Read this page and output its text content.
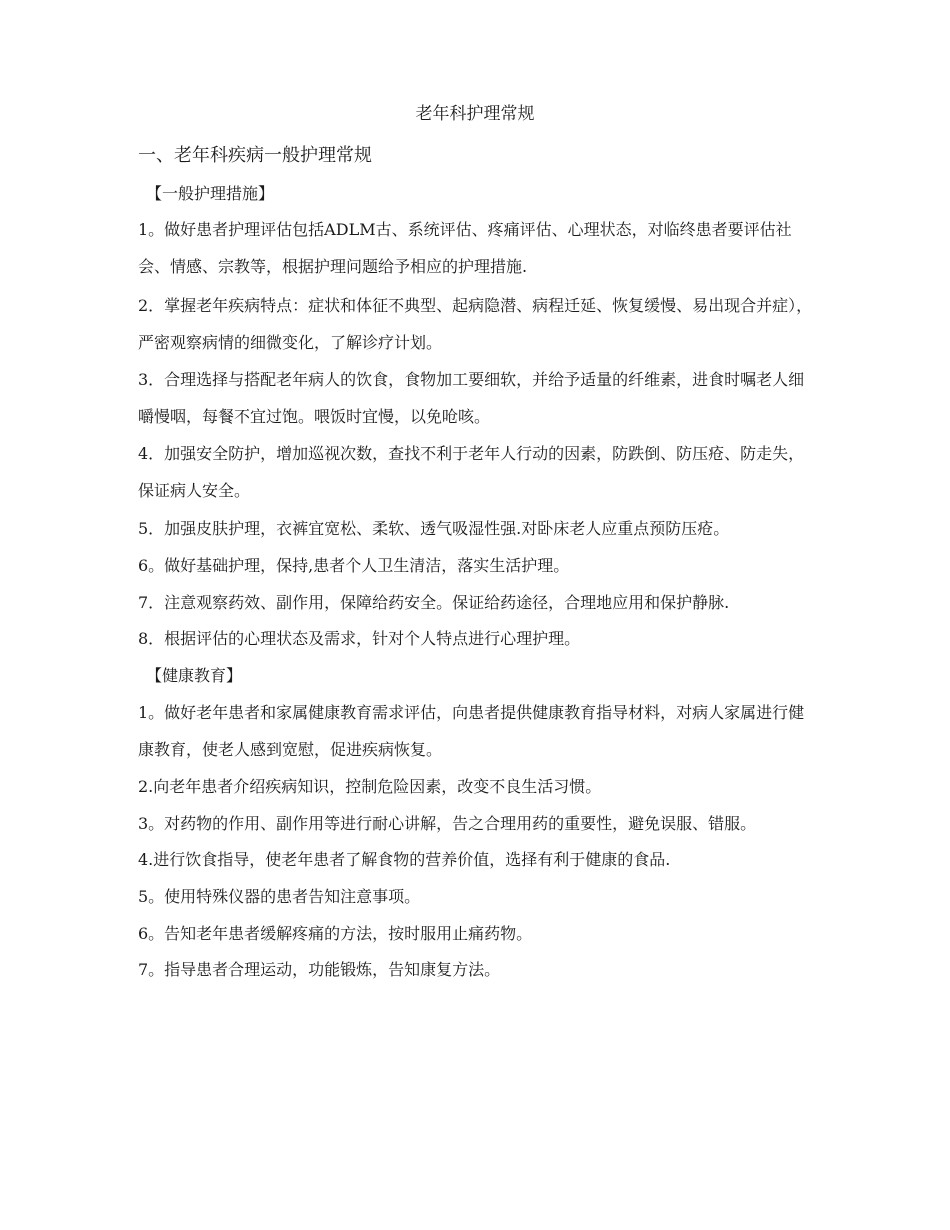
老年科护理常规
一、老年科疾病一般护理常规
【一般护理措施】

1。做好患者护理评估包括ADLM古、系统评估、疼痛评估、心理状态，对临终患者要评估社会、情感、宗教等，根据护理问题给予相应的护理措施.

2．掌握老年疾病特点：症状和体征不典型、起病隐潜、病程迁延、恢复缓慢、易出现合并症），严密观察病情的细微变化，了解诊疗计划。

3．合理选择与搭配老年病人的饮食，食物加工要细软，并给予适量的纤维素，进食时嘱老人细嚼慢咽，每餐不宜过饱。喂饭时宜慢，以免呛咳。

4．加强安全防护，增加巡视次数，查找不利于老年人行动的因素，防跌倒、防压疮、防走失，保证病人安全。

5．加强皮肤护理，衣裤宜宽松、柔软、透气吸湿性强.对卧床老人应重点预防压疮。

6。做好基础护理，保持,患者个人卫生清洁，落实生活护理。

7．注意观察药效、副作用，保障给药安全。保证给药途径，合理地应用和保护静脉.

8．根据评估的心理状态及需求，针对个人特点进行心理护理。

【健康教育】

1。做好老年患者和家属健康教育需求评估，向患者提供健康教育指导材料，对病人家属进行健康教育，使老人感到宽慰，促进疾病恢复。

2.向老年患者介绍疾病知识，控制危险因素，改变不良生活习惯。

3。对药物的作用、副作用等进行耐心讲解，告之合理用药的重要性，避免误服、错服。

4.进行饮食指导，使老年患者了解食物的营养价值，选择有利于健康的食品.

5。使用特殊仪器的患者告知注意事项。

6。告知老年患者缓解疼痛的方法，按时服用止痛药物。

7。指导患者合理运动，功能锻炼，告知康复方法。
